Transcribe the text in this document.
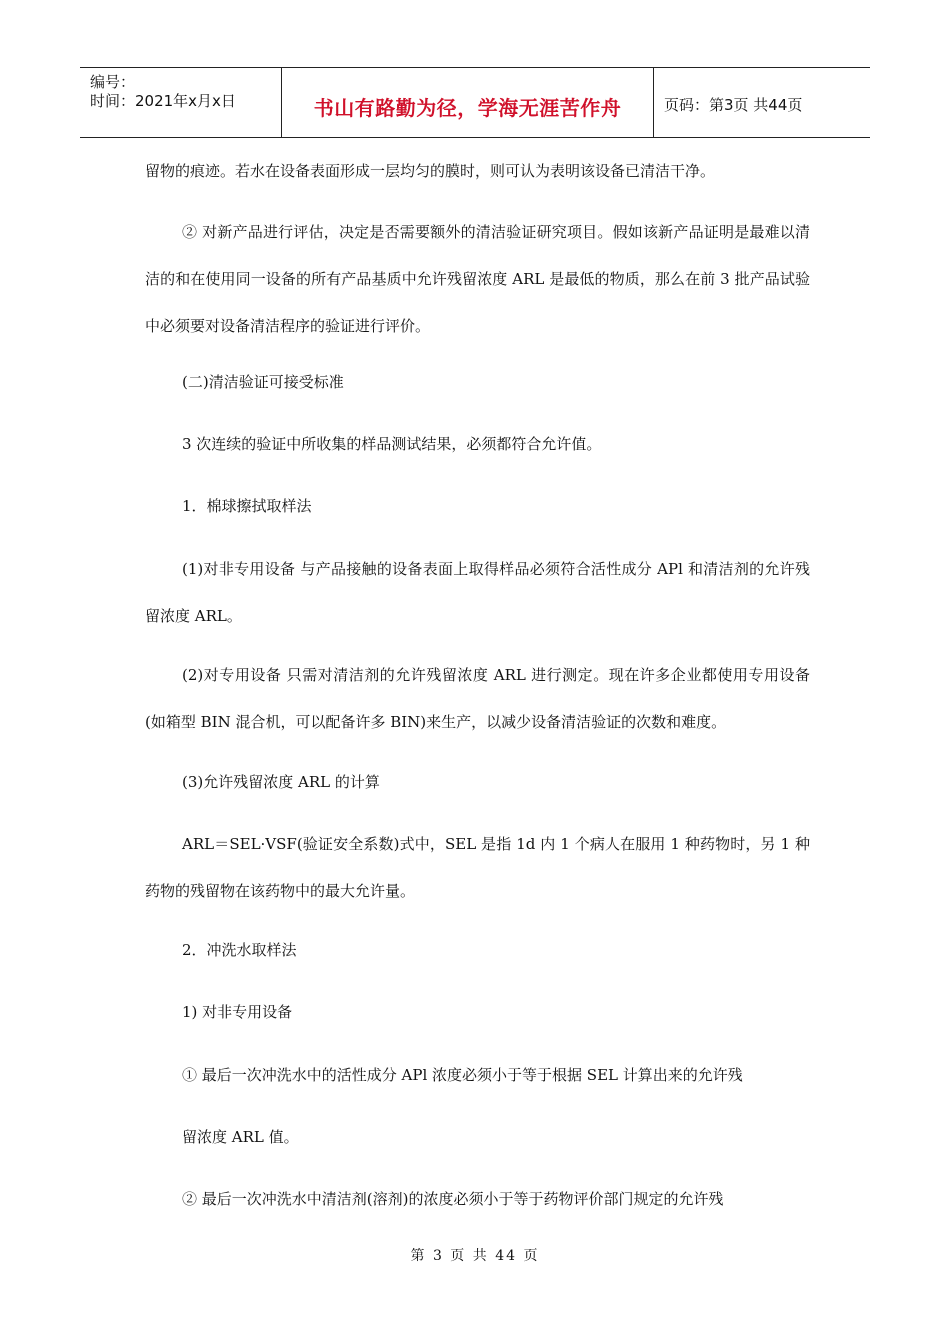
编号：
时间：2021年x月x日	书山有路勤为径，学海无涯苦作舟	页码：第3页 共44页
留物的痕迹。若水在设备表面形成一层均匀的膜时，则可认为表明该设备已清洁干净。
② 对新产品进行评估，决定是否需要额外的清洁验证研究项目。假如该新产品证明是最难以清洁的和在使用同一设备的所有产品基质中允许残留浓度 ARL 是最低的物质，那么在前 3 批产品试验中必须要对设备清洁程序的验证进行评价。
(二)清洁验证可接受标准
3 次连续的验证中所收集的样品测试结果，必须都符合允许值。
1．棉球擦拭取样法
(1)对非专用设备 与产品接触的设备表面上取得样品必须符合活性成分 APl 和清洁剂的允许残留浓度 ARL。
(2)对专用设备 只需对清洁剂的允许残留浓度 ARL 进行测定。现在许多企业都使用专用设备(如箱型 BIN 混合机，可以配备许多 BIN)来生产，以减少设备清洁验证的次数和难度。
(3)允许残留浓度 ARL 的计算
ARL＝SEL·VSF(验证安全系数)式中，SEL 是指 1d 内 1 个病人在服用 1 种药物时，另 1 种药物的残留物在该药物中的最大允许量。
2．冲洗水取样法
1) 对非专用设备
① 最后一次冲洗水中的活性成分 APl 浓度必须小于等于根据 SEL 计算出来的允许残
留浓度 ARL 值。
② 最后一次冲洗水中清洁剂(溶剂)的浓度必须小于等于药物评价部门规定的允许残
第 3 页 共 44 页
